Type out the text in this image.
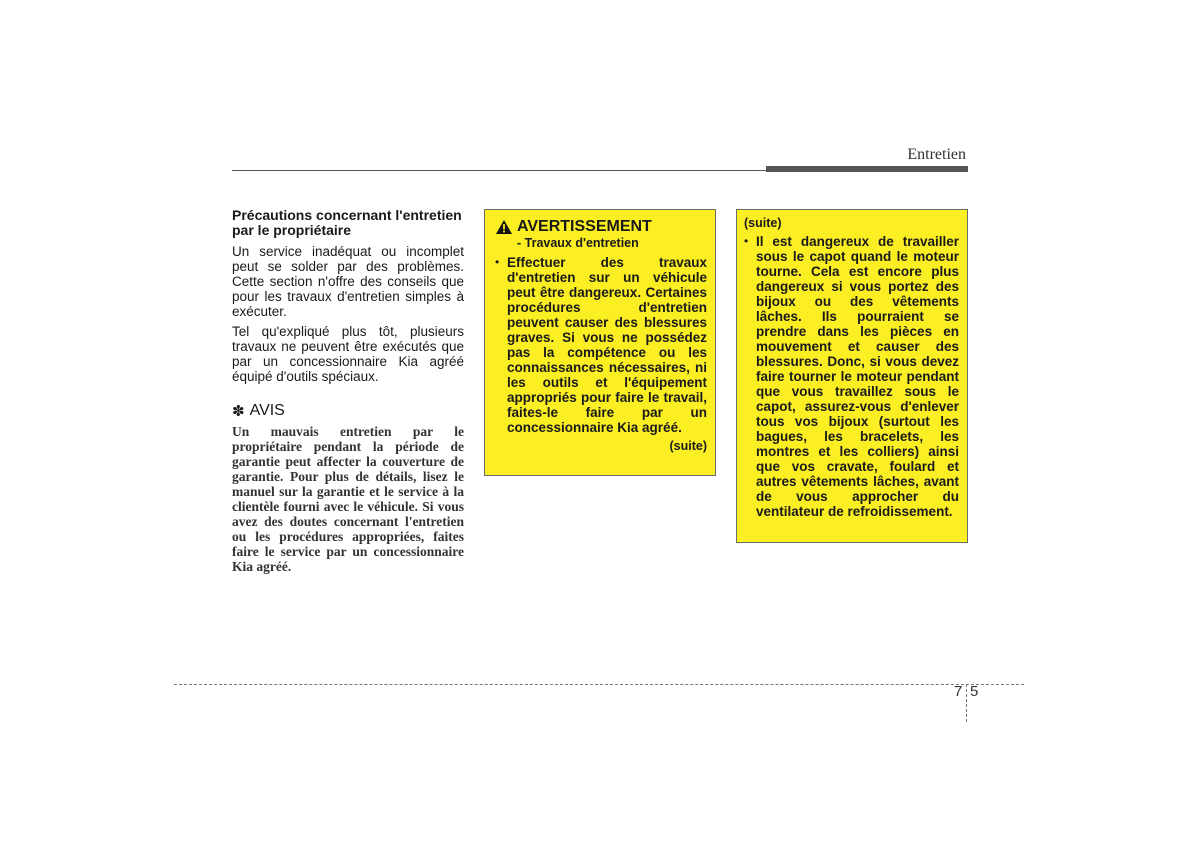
Entretien

Précautions concernant l'entretien par le propriétaire

Un service inadéquat ou incomplet peut se solder par des problèmes. Cette section n'offre des conseils que pour les travaux d'entretien simples à exécuter.

Tel qu'expliqué plus tôt, plusieurs travaux ne peuvent être exécutés que par un concessionnaire Kia agréé équipé d'outils spéciaux.

✽ AVIS

Un mauvais entretien par le propriétaire pendant la période de garantie peut affecter la couverture de garantie. Pour plus de détails, lisez le manuel sur la garantie et le service à la clientèle fourni avec le véhicule. Si vous avez des doutes concernant l'entretien ou les procédures appropriées, faites faire le service par un concessionnaire Kia agréé.

AVERTISSEMENT
- Travaux d'entretien
• Effectuer des travaux d'entretien sur un véhicule peut être dangereux. Certaines procédures d'entretien peuvent causer des blessures graves. Si vous ne possédez pas la compétence ou les connaissances nécessaires, ni les outils et l'équipement appropriés pour faire le travail, faites-le faire par un concessionnaire Kia agréé.
(suite)
(suite)
• Il est dangereux de travailler sous le capot quand le moteur tourne. Cela est encore plus dangereux si vous portez des bijoux ou des vêtements lâches. Ils pourraient se prendre dans les pièces en mouvement et causer des blessures. Donc, si vous devez faire tourner le moteur pendant que vous travaillez sous le capot, assurez-vous d'enlever tous vos bijoux (surtout les bagues, les bracelets, les montres et les colliers) ainsi que vos cravate, foulard et autres vêtements lâches, avant de vous approcher du ventilateur de refroidissement.
7 5
